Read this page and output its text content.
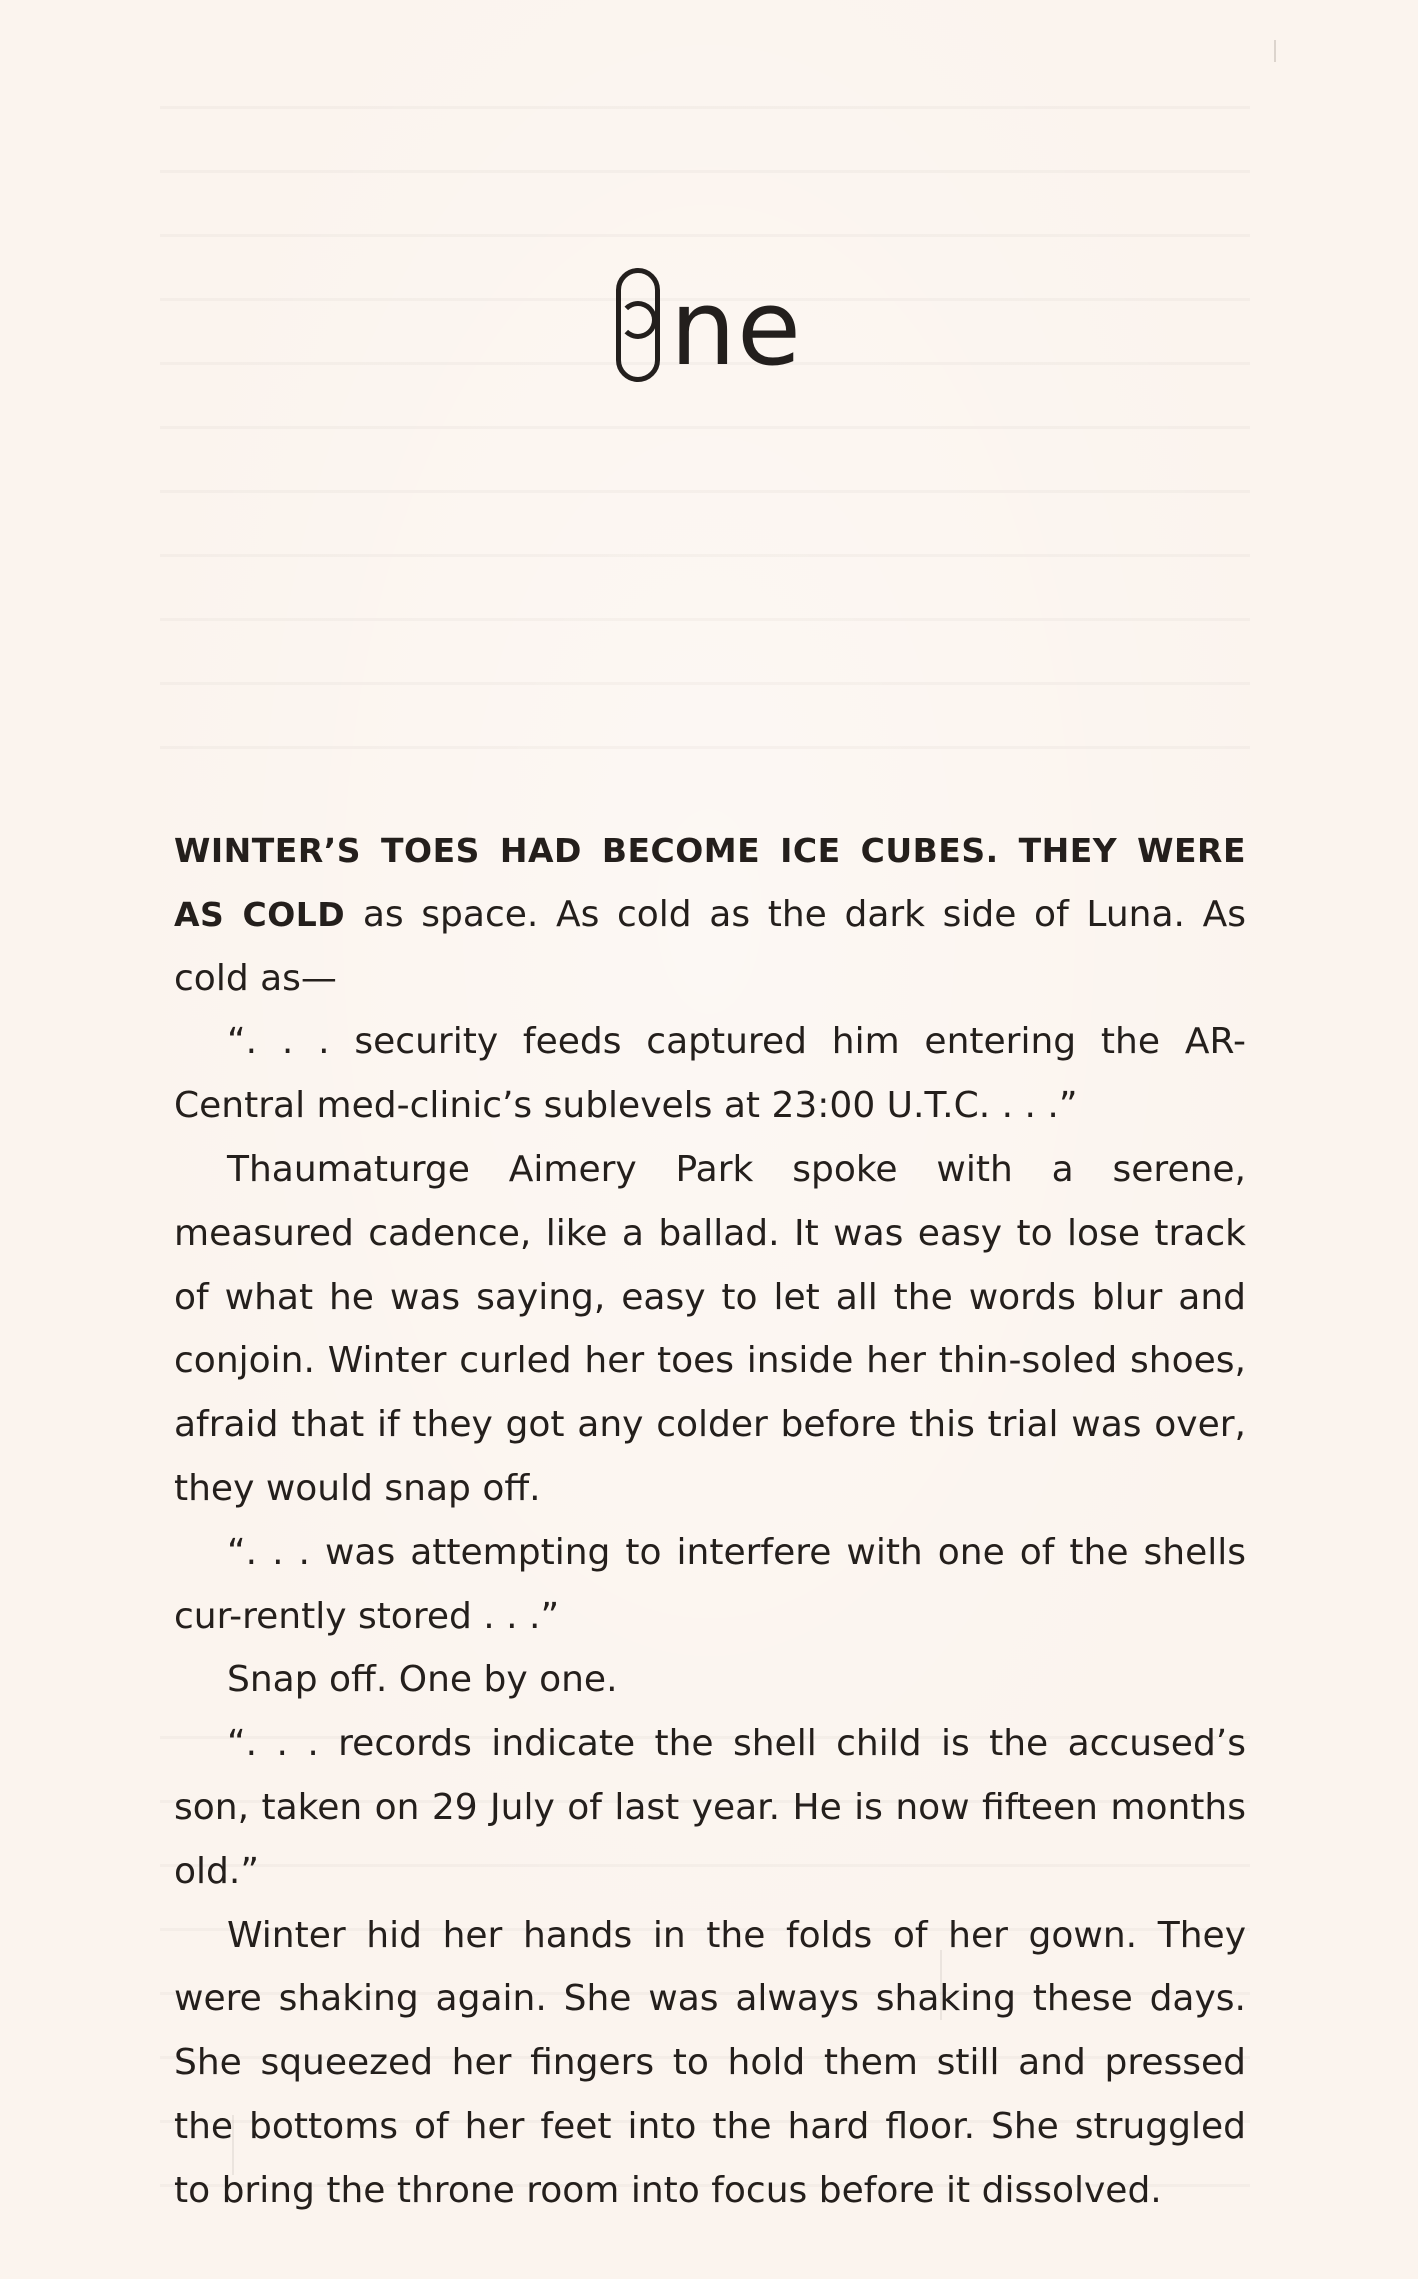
ne

WINTER’S TOES HAD BECOME ICE CUBES. THEY WERE AS COLD as space. As cold as the dark side of Luna. As cold as—

“. . . security feeds captured him entering the AR-Central med-clinic’s sublevels at 23:00 U.T.C. . . .”

Thaumaturge Aimery Park spoke with a serene, measured cadence, like a ballad. It was easy to lose track of what he was saying, easy to let all the words blur and conjoin. Winter curled her toes inside her thin-soled shoes, afraid that if they got any colder before this trial was over, they would snap off.

“. . . was attempting to interfere with one of the shells cur-rently stored . . .”

Snap off. One by one.

“. . . records indicate the shell child is the accused’s son, taken on 29 July of last year. He is now fifteen months old.”

Winter hid her hands in the folds of her gown. They were shaking again. She was always shaking these days. She squeezed her fingers to hold them still and pressed the bottoms of her feet into the hard floor. She struggled to bring the throne room into focus before it dissolved.
